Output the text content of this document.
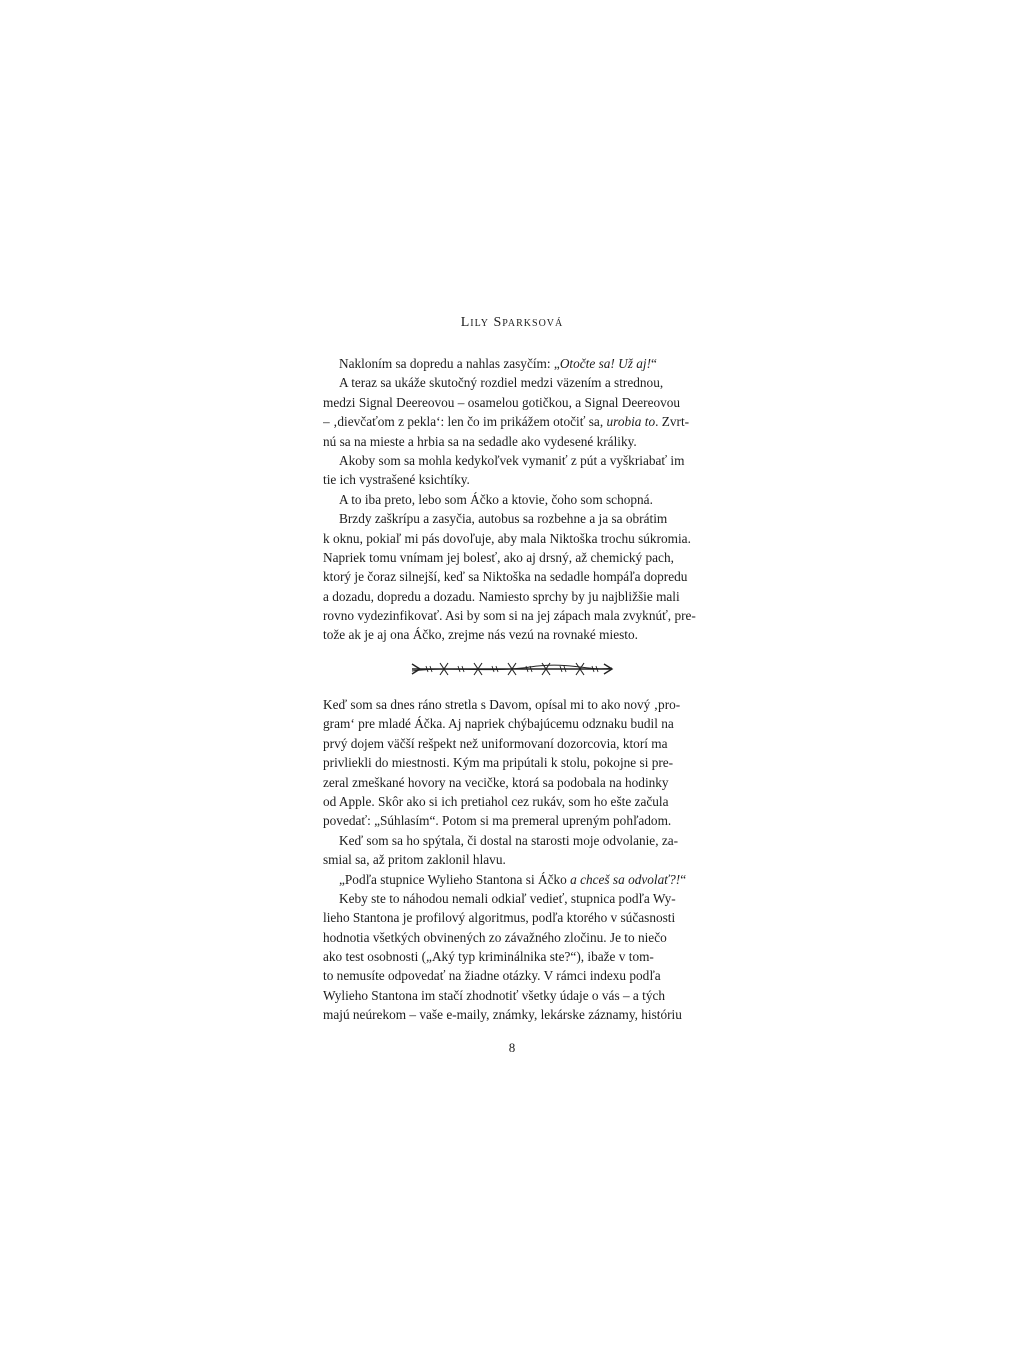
Lily Sparksová
Nakloním sa dopredu a nahlas zasyčím: „Otočte sa! Už aj!“
A teraz sa ukáže skutočný rozdiel medzi väzením a strednou,
medzi Signal Deereovou – osamelou gotičkou, a Signal Deereovou
– ‚dievčaťom z pekla‘: len čo im prikážem otočiť sa, urobia to. Zvrt-
nú sa na mieste a hrbia sa na sedadle ako vydesené králiky.
Akoby som sa mohla kedykoľvek vymaniť z pút a vyškriabať im
tie ich vystrašené ksichtíky.
A to iba preto, lebo som Áčko a ktovie, čoho som schopná.
Brzdy zaškrípu a zasyčia, autobus sa rozbehne a ja sa obrátim
k oknu, pokiaľ mi pás dovoľuje, aby mala Niktoška trochu súkromia.
Napriek tomu vnímam jej bolesť, ako aj drsný, až chemický pach,
ktorý je čoraz silnejší, keď sa Niktoška na sedadle hompáľa dopredu
a dozadu, dopredu a dozadu. Namiesto sprchy by ju najbližšie mali
rovno vydezinfikovať. Asi by som si na jej zápach mala zvyknúť, pre-
tože ak je aj ona Áčko, zrejme nás vezú na rovnaké miesto.
Keď som sa dnes ráno stretla s Davom, opísal mi to ako nový ‚pro-
gram‘ pre mladé Áčka. Aj napriek chýbajúcemu odznaku budil na
prvý dojem väčší rešpekt než uniformovaní dozorcovia, ktorí ma
privliekli do miestnosti. Kým ma pripútali k stolu, pokojne si pre-
zeral zmeškané hovory na vecičke, ktorá sa podobala na hodinky
od Apple. Skôr ako si ich pretiahol cez rukáv, som ho ešte začula
povedať: „Súhlasím“. Potom si ma premeral upreným pohľadom.
Keď som sa ho spýtala, či dostal na starosti moje odvolanie, za-
smial sa, až pritom zaklonil hlavu.
„Podľa stupnice Wylieho Stantona si Áčko a chceš sa odvolať?!“
Keby ste to náhodou nemali odkiaľ vedieť, stupnica podľa Wy-
lieho Stantona je profilový algoritmus, podľa ktorého v súčasnosti
hodnotia všetkých obvinených zo závažného zločinu. Je to niečo
ako test osobnosti („Aký typ kriminálnika ste?“), ibaže v tom-
to nemusíte odpovedať na žiadne otázky. V rámci indexu podľa
Wylieho Stantona im stačí zhodnotiť všetky údaje o vás – a tých
majú neúrekom – vaše e-maily, známky, lekárske záznamy, históriu
8
